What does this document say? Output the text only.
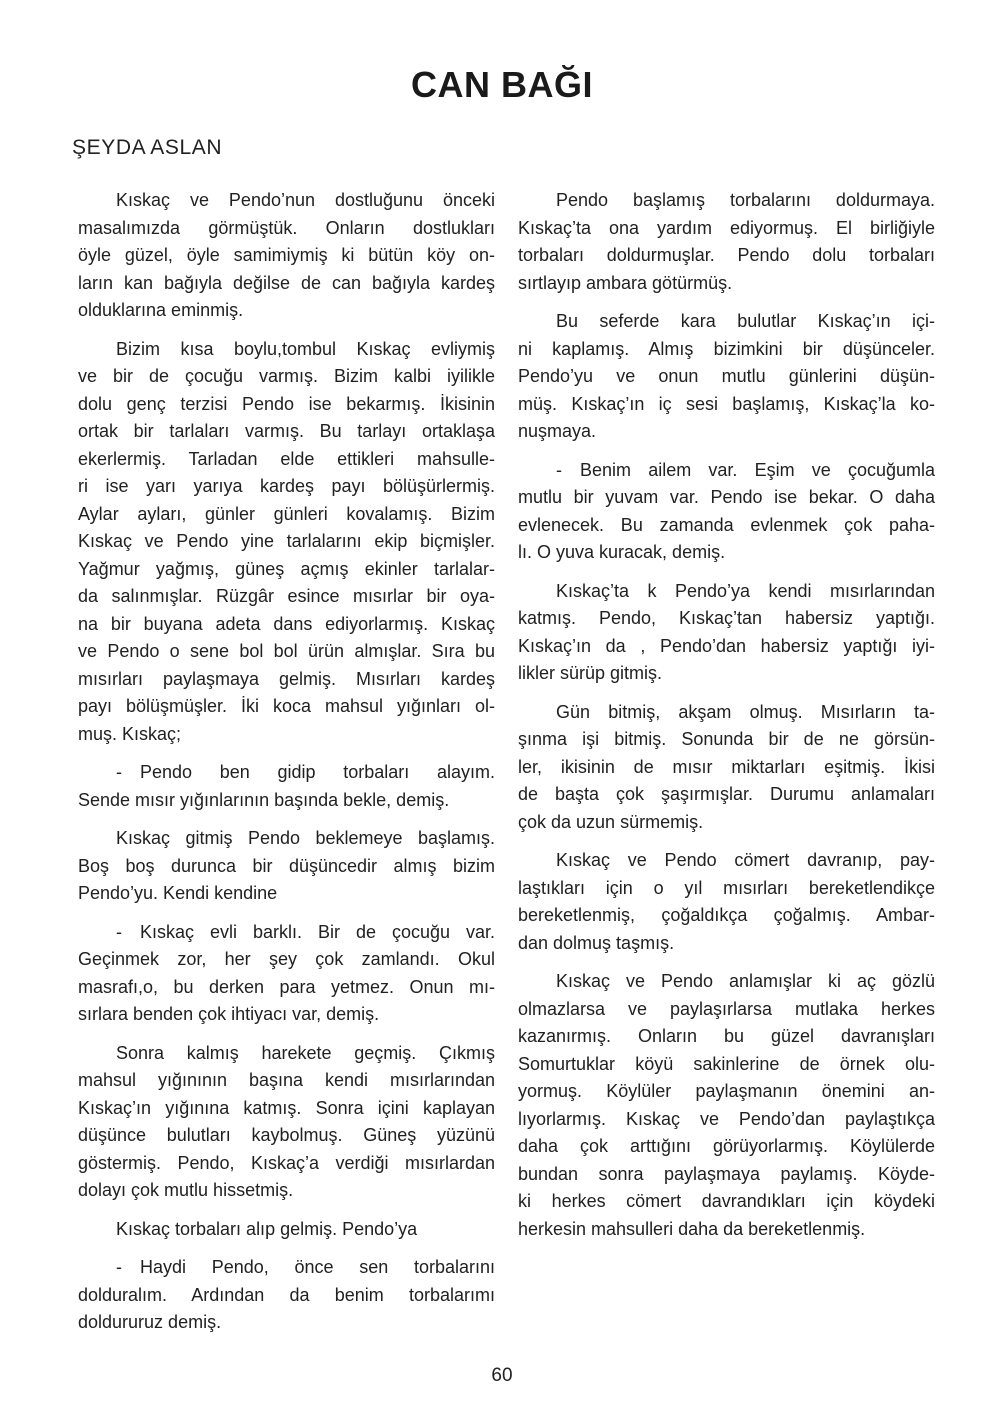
CAN BAĞI
ŞEYDA ASLAN
Kıskaç ve Pendo’nun dostluğunu önceki
masalımızda görmüştük. Onların dostlukları
öyle güzel, öyle samimiymiş ki bütün köy on-
ların kan bağıyla değilse de can bağıyla kardeş
olduklarına eminmiş.
Bizim kısa boylu,tombul Kıskaç evliymiş
ve bir de çocuğu varmış. Bizim kalbi iyilikle
dolu genç terzisi Pendo ise bekarmış. İkisinin
ortak bir tarlaları varmış. Bu tarlayı ortaklaşa
ekerlermiş. Tarladan elde ettikleri mahsulle-
ri ise yarı yarıya kardeş payı bölüşürlermiş.
Aylar ayları, günler günleri kovalamış. Bizim
Kıskaç ve Pendo yine tarlalarını ekip biçmişler.
Yağmur yağmış, güneş açmış ekinler tarlalar-
da salınmışlar. Rüzgâr esince mısırlar bir oya-
na bir buyana adeta dans ediyorlarmış. Kıskaç
ve Pendo o sene bol bol ürün almışlar. Sıra bu
mısırları paylaşmaya gelmiş. Mısırları kardeş
payı bölüşmüşler. İki koca mahsul yığınları ol-
muş. Kıskaç;
- Pendo ben gidip torbaları alayım.
Sende mısır yığınlarının başında bekle, demiş.
Kıskaç gitmiş Pendo beklemeye başlamış.
Boş boş durunca bir düşüncedir almış bizim
Pendo’yu. Kendi kendine
- Kıskaç evli barklı. Bir de çocuğu var.
Geçinmek zor, her şey çok zamlandı. Okul
masrafı,o, bu derken para yetmez. Onun mı-
sırlara benden çok ihtiyacı var, demiş.
Sonra kalmış harekete geçmiş. Çıkmış
mahsul yığınının başına kendi mısırlarından
Kıskaç’ın yığınına katmış. Sonra içini kaplayan
düşünce bulutları kaybolmuş. Güneş yüzünü
göstermiş. Pendo, Kıskaç’a verdiği mısırlardan
dolayı çok mutlu hissetmiş.
Kıskaç torbaları alıp gelmiş. Pendo’ya
- Haydi Pendo, önce sen torbalarını
dolduralım. Ardından da benim torbalarımı
doldururuz demiş.
Pendo başlamış torbalarını doldurmaya.
Kıskaç’ta ona yardım ediyormuş. El birliğiyle
torbaları doldurmuşlar. Pendo dolu torbaları
sırtlayıp ambara götürmüş.
Bu seferde kara bulutlar Kıskaç’ın içi-
ni kaplamış. Almış bizimkini bir düşünceler.
Pendo’yu ve onun mutlu günlerini düşün-
müş. Kıskaç’ın iç sesi başlamış, Kıskaç’la ko-
nuşmaya.
- Benim ailem var. Eşim ve çocuğumla
mutlu bir yuvam var. Pendo ise bekar. O daha
evlenecek. Bu zamanda evlenmek çok paha-
lı. O yuva kuracak, demiş.
Kıskaç’ta k Pendo’ya kendi mısırlarından
katmış. Pendo, Kıskaç’tan habersiz yaptığı.
Kıskaç’ın da , Pendo’dan habersiz yaptığı iyi-
likler sürüp gitmiş.
Gün bitmiş, akşam olmuş. Mısırların ta-
şınma işi bitmiş. Sonunda bir de ne görsün-
ler, ikisinin de mısır miktarları eşitmiş. İkisi
de başta çok şaşırmışlar. Durumu anlamaları
çok da uzun sürmemiş.
Kıskaç ve Pendo cömert davranıp, pay-
laştıkları için o yıl mısırları bereketlendikçe
bereketlenmiş, çoğaldıkça çoğalmış. Ambar-
dan dolmuş taşmış.
Kıskaç ve Pendo anlamışlar ki aç gözlü
olmazlarsa ve paylaşırlarsa mutlaka herkes
kazanırmış. Onların bu güzel davranışları
Somurtuklar köyü sakinlerine de örnek olu-
yormuş. Köylüler paylaşmanın önemini an-
lıyorlarmış. Kıskaç ve Pendo’dan paylaştıkça
daha çok arttığını görüyorlarmış. Köylülerde
bundan sonra paylaşmaya paylamış. Köyde-
ki herkes cömert davrandıkları için köydeki
herkesin mahsulleri daha da bereketlenmiş.
60
